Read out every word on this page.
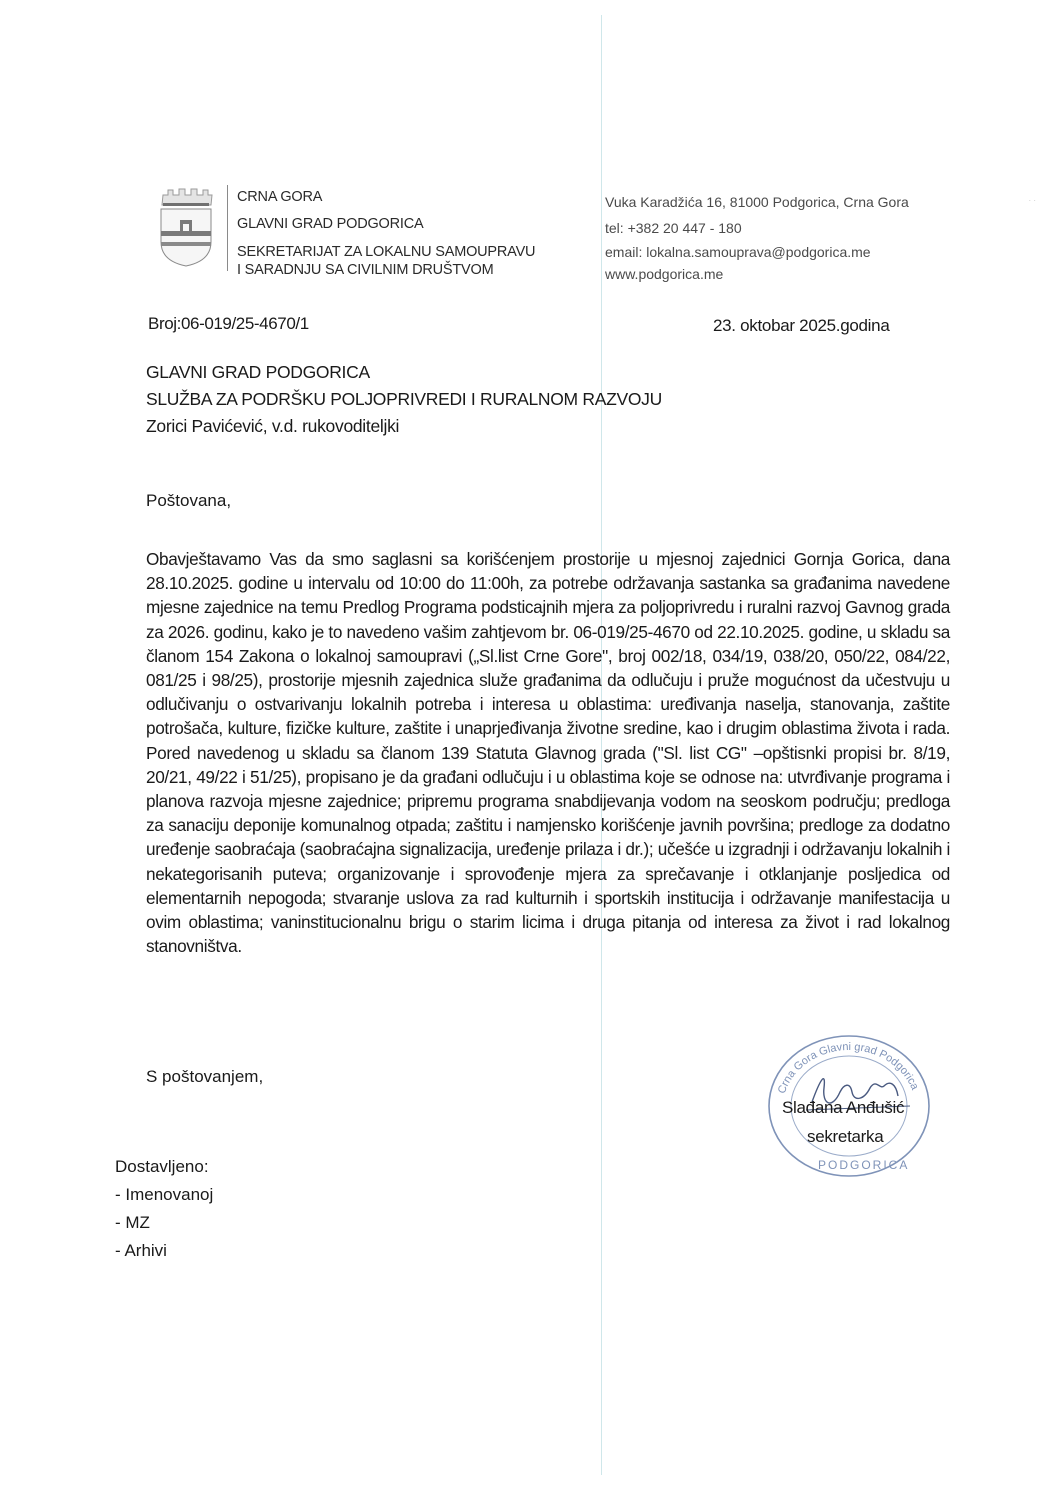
CRNA GORA
GLAVNI GRAD PODGORICA
SEKRETARIJAT ZA LOKALNU SAMOUPRAVU
I SARADNJU SA CIVILNIM DRUŠTVOM
Vuka Karadžića 16, 81000 Podgorica, Crna Gora
tel: +382 20 447 - 180
email: lokalna.samouprava@podgorica.me
www.podgorica.me
· ·
Broj:06-019/25-4670/1	23. oktobar 2025.godina
GLAVNI GRAD PODGORICA
SLUŽBA ZA PODRŠKU POLJOPRIVREDI I RURALNOM RAZVOJU
Zorici Pavićević, v.d. rukovoditeljki
Poštovana,
Obavještavamo Vas da smo saglasni sa korišćenjem prostorije u mjesnoj zajednici Gornja Gorica, dana 28.10.2025. godine u intervalu od 10:00 do 11:00h, za potrebe održavanja sastanka sa građanima navedene mjesne zajednice na temu Predlog Programa podsticajnih mjera za poljoprivredu i ruralni razvoj Gavnog grada za 2026. godinu, kako je to navedeno vašim zahtjevom br. 06-019/25-4670 od 22.10.2025. godine, u skladu sa članom 154 Zakona o lokalnoj samoupravi („Sl.list Crne Gore", broj 002/18, 034/19, 038/20, 050/22, 084/22, 081/25 i 98/25), prostorije mjesnih zajednica služe građanima da odlučuju i pruže mogućnost da učestvuju u odlučivanju o ostvarivanju lokalnih potreba i interesa u oblastima: uređivanja naselja, stanovanja, zaštite potrošača, kulture, fizičke kulture, zaštite i unaprjeđivanja životne sredine, kao i drugim oblastima života i rada. Pored navedenog u skladu sa članom 139 Statuta Glavnog grada ("Sl. list CG" –opštisnki propisi br. 8/19, 20/21, 49/22 i 51/25), propisano je da građani odlučuju i u oblastima koje se odnose na: utvrđivanje programa i planova razvoja mjesne zajednice; pripremu programa snabdijevanja vodom na seoskom području; predloga za sanaciju deponije komunalnog otpada; zaštitu i namjensko korišćenje javnih površina; predloge za dodatno uređenje saobraćaja (saobraćajna signalizacija, uređenje prilaza i dr.); učešće u izgradnji i održavanju lokalnih i nekategorisanih puteva; organizovanje i sprovođenje mjera za sprečavanje i otklanjanje posljedica od elementarnih nepogoda; stvaranje uslova za rad kulturnih i sportskih institucija i održavanje manifestacija u ovim oblastima; vaninstitucionalnu brigu o starim licima i druga pitanja od interesa za život i rad lokalnog stanovništva.
S poštovanjem,
Crna Gora Glavni grad Podgorica
PODGORICA
Slađana Anđušić
sekretarka
Dostavljeno:
- Imenovanoj
- MZ
- Arhivi
